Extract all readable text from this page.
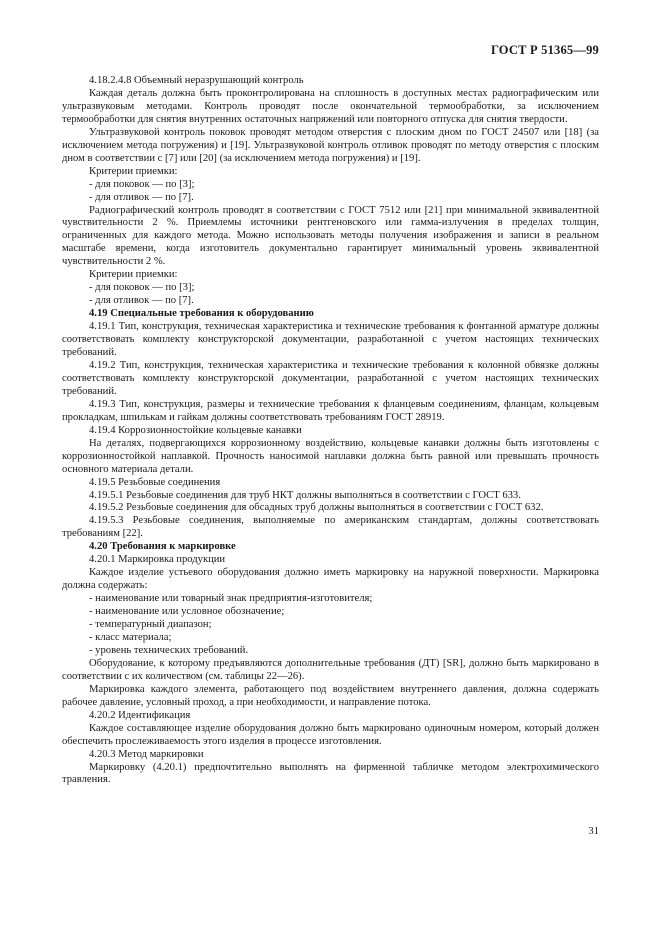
ГОСТ Р 51365—99

4.18.2.4.8 Объемный неразрушающий контроль

Каждая деталь должна быть проконтролирована на сплошность в доступных местах радиографическим или ультразвуковым методами. Контроль проводят после окончательной термообработки, за исключением термообработки для снятия внутренних остаточных напряжений или повторного отпуска для снятия твердости.

Ультразвуковой контроль поковок проводят методом отверстия с плоским дном по ГОСТ 24507 или [18] (за исключением метода погружения) и [19]. Ультразвуковой контроль отливок проводят по методу отверстия с плоским дном в соответствии с [7] или [20] (за исключением метода погружения) и [19].

Критерии приемки:

- для поковок — по [3];

- для отливок — по [7].

Радиографический контроль проводят в соответствии с ГОСТ 7512 или [21] при минимальной эквивалентной чувствительности 2 %. Приемлемы источники рентгеновского или гамма-излучения в пределах толщин, ограниченных для каждого метода. Можно использовать методы получения изображения и записи в реальном масштабе времени, когда изготовитель документально гарантирует минимальный уровень эквивалентной чувствительности 2 %.

Критерии приемки:

- для поковок — по [3];

- для отливок — по [7].

4.19 Специальные требования к оборудованию

4.19.1 Тип, конструкция, техническая характеристика и технические требования к фонтанной арматуре должны соответствовать комплекту конструкторской документации, разработанной с учетом настоящих технических требований.

4.19.2 Тип, конструкция, техническая характеристика и технические требования к колонной обвязке должны соответствовать комплекту конструкторской документации, разработанной с учетом настоящих технических требований.

4.19.3 Тип, конструкция, размеры и технические требования к фланцевым соединениям, фланцам, кольцевым прокладкам, шпилькам и гайкам должны соответствовать требованиям ГОСТ 28919.

4.19.4 Коррозионностойкие кольцевые канавки

На деталях, подвергающихся коррозионному воздействию, кольцевые канавки должны быть изготовлены с коррозионностойкой наплавкой. Прочность наносимой наплавки должна быть равной или превышать прочность основного материала детали.

4.19.5 Резьбовые соединения

4.19.5.1 Резьбовые соединения для труб НКТ должны выполняться в соответствии с ГОСТ 633.

4.19.5.2 Резьбовые соединения для обсадных труб должны выполняться в соответствии с ГОСТ 632.

4.19.5.3 Резьбовые соединения, выполняемые по американским стандартам, должны соответствовать требованиям [22].

4.20 Требования к маркировке

4.20.1 Маркировка продукции

Каждое изделие устьевого оборудования должно иметь маркировку на наружной поверхности. Маркировка должна содержать:

- наименование или товарный знак предприятия-изготовителя;

- наименование или условное обозначение;

- температурный диапазон;

- класс материала;

- уровень технических требований.

Оборудование, к которому предъявляются дополнительные требования (ДТ) [SR], должно быть маркировано в соответствии с их количеством (см. таблицы 22—26).

Маркировка каждого элемента, работающего под воздействием внутреннего давления, должна содержать рабочее давление, условный проход, а при необходимости, и направление потока.

4.20.2 Идентификация

Каждое составляющее изделие оборудования должно быть маркировано одиночным номером, который должен обеспечить прослеживаемость этого изделия в процессе изготовления.

4.20.3 Метод маркировки

Маркировку (4.20.1) предпочтительно выполнять на фирменной табличке методом электрохимического травления.

31
